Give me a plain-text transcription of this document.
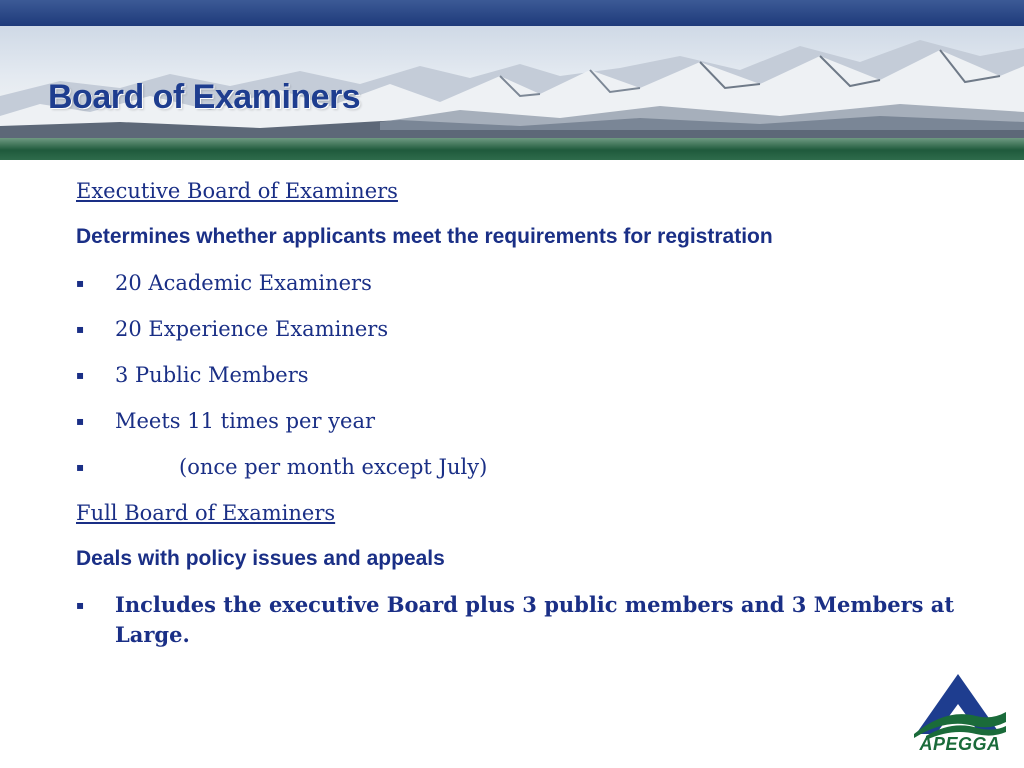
Board of Examiners

Executive Board of Examiners

Determines whether applicants meet the requirements for registration

▪ 20 Academic Examiners

▪ 20 Experience Examiners

▪ 3 Public Members

▪ Meets 11 times per year

▪	(once per month except July)

Full Board of Examiners

Deals with policy issues and appeals

▪ Includes the executive Board plus 3 public members and 3 Members at Large.

APEGGA
